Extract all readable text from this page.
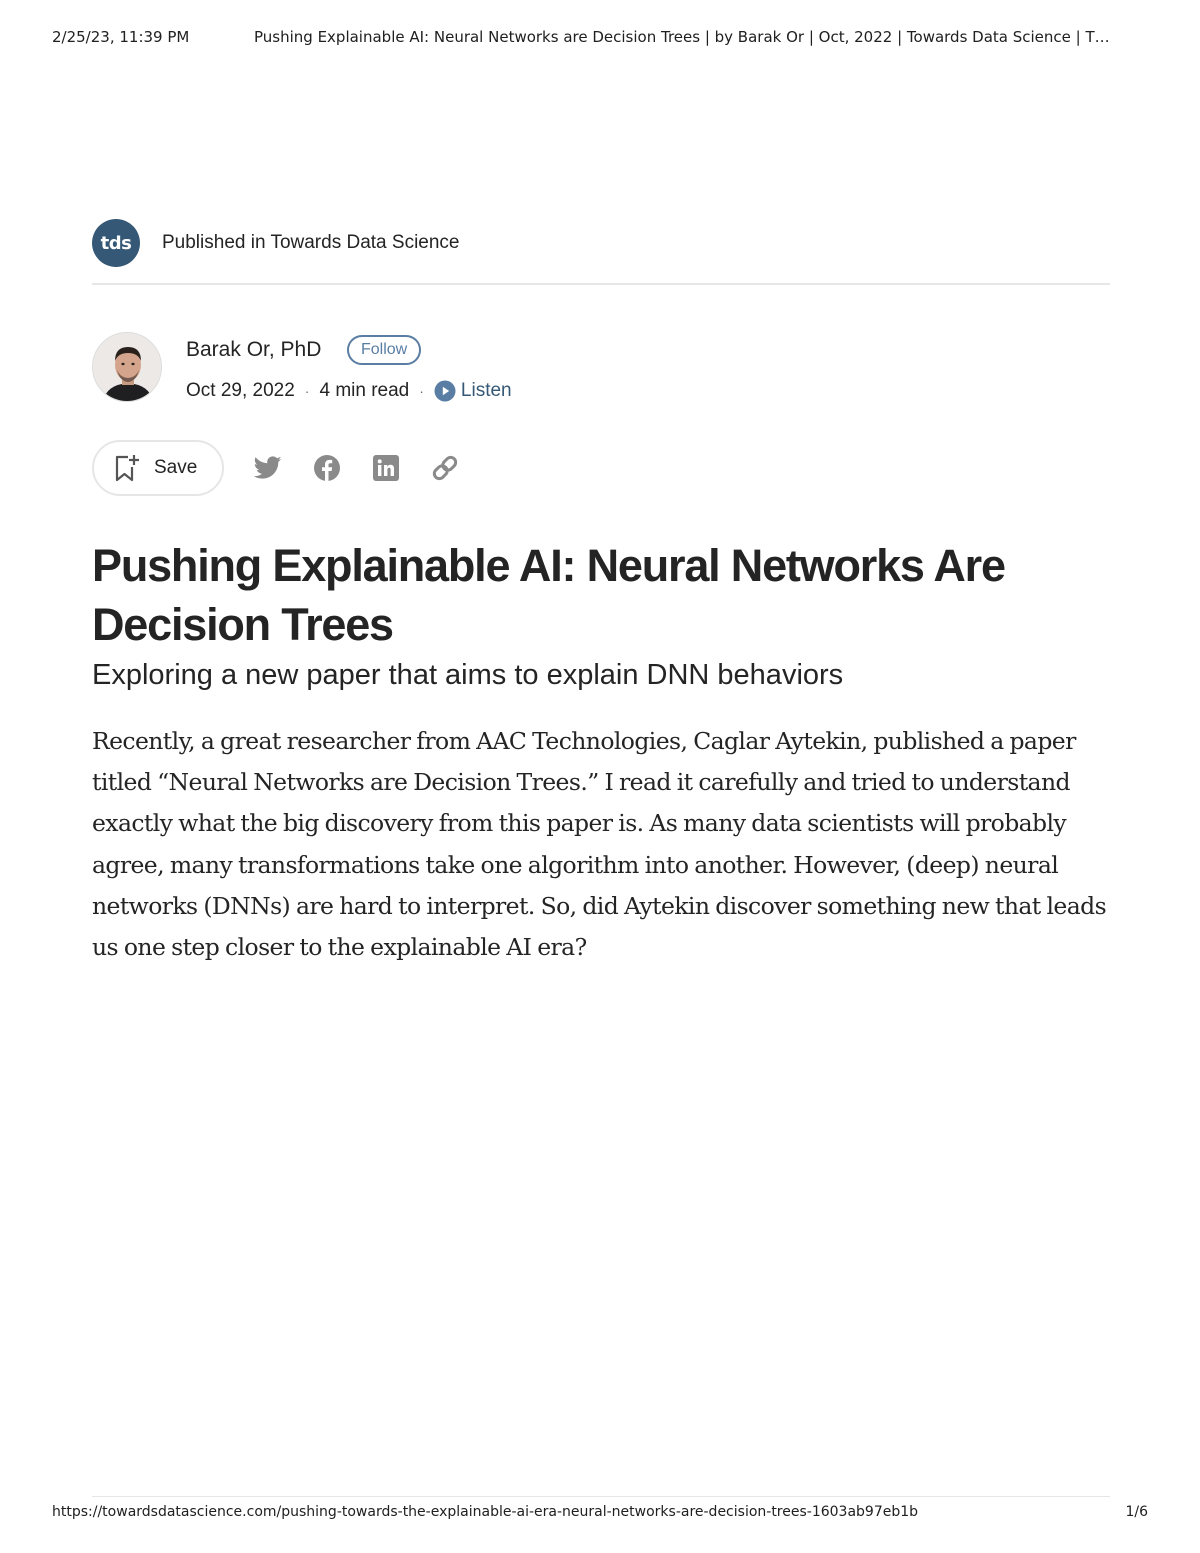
2/25/23, 11:39 PM	Pushing Explainable AI: Neural Networks are Decision Trees | by Barak Or | Oct, 2022 | Towards Data Science | T…
tds Published in Towards Data Science
Barak Or, PhD Follow
Oct 29, 2022 · 4 min read · Listen
Save
Pushing Explainable AI: Neural Networks Are Decision Trees
Exploring a new paper that aims to explain DNN behaviors

Recently, a great researcher from AAC Technologies, Caglar Aytekin, published a paper titled “Neural Networks are Decision Trees.” I read it carefully and tried to understand exactly what the big discovery from this paper is. As many data scientists will probably agree, many transformations take one algorithm into another. However, (deep) neural networks (DNNs) are hard to interpret. So, did Aytekin discover something new that leads us one step closer to the explainable AI era?

https://towardsdatascience.com/pushing-towards-the-explainable-ai-era-neural-networks-are-decision-trees-1603ab97eb1b	1/6
